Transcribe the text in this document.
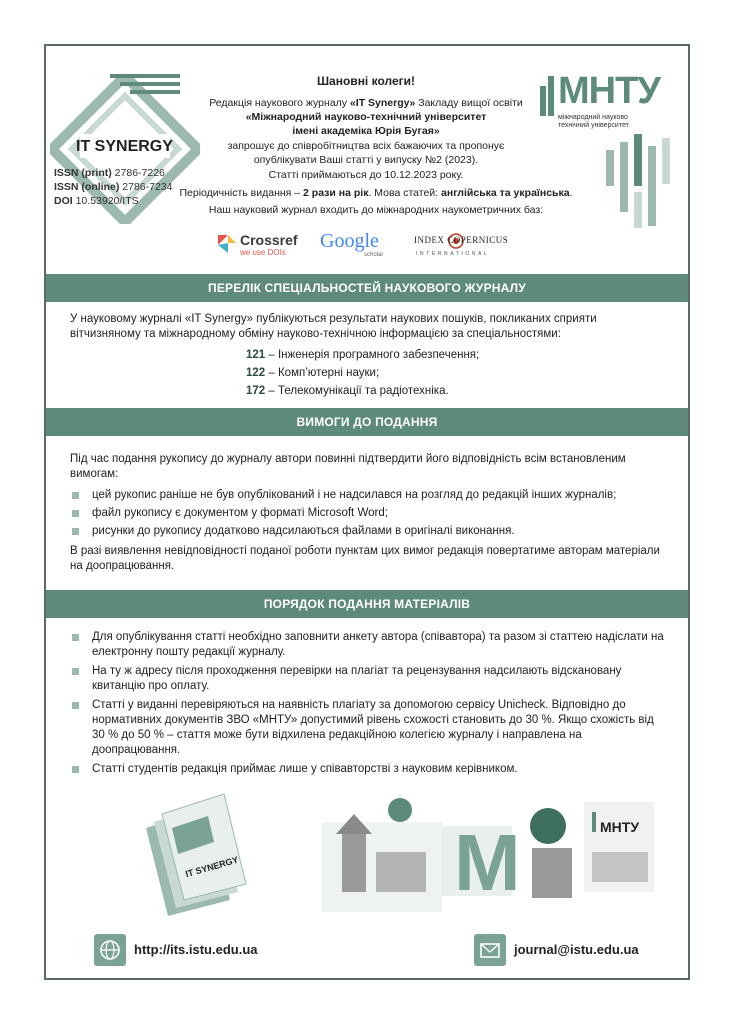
IT SYNERGY
ISSN (print) 2786-7226
ISSN (online) 2786-7234
DOI 10.53920/ITS
Шановні колеги!
Редакція наукового журналу «IT Synergy» Закладу вищої освіти
«Міжнародний науково-технічний університет
імені академіка Юрія Бугая»
запрошує до співробітництва всіх бажаючих та пропонує
опублікувати Ваші статті у випуску №2 (2023).
Статті приймаються до 10.12.2023 року.
Періодичність видання – 2 рази на рік. Мова статей: англійська та українська.
Наш науковий журнал входить до міжнародних наукометричних баз:
Crossref
we use DOIs
Google
scholar
INDEX COPERNICUS
INTERNATIONAL
МНТУ
міжнародний науково
технічний університет
ПЕРЕЛІК СПЕЦІАЛЬНОСТЕЙ НАУКОВОГО ЖУРНАЛУ
У науковому журналі «IT Synergy» публікуються результати наукових пошуків, покликаних сприяти вітчизняному та міжнародному обміну науково-технічною інформацією за спеціальностями:
121 – Інженерія програмного забезпечення;
122 – Комп’ютерні науки;
172 – Телекомунікації та радіотехніка.
ВИМОГИ ДО ПОДАННЯ
Під час подання рукопису до журналу автори повинні підтвердити його відповідність всім встановленим вимогам:
цей рукопис раніше не був опублікований і не надсилався на розгляд до редакцій інших журналів;
файл рукопису є документом у форматі Microsoft Word;
рисунки до рукопису додатково надсилаються файлами в оригіналі виконання.
В разі виявлення невідповідності поданої роботи пунктам цих вимог редакція повертатиме авторам матеріали на доопрацювання.
ПОРЯДОК ПОДАННЯ МАТЕРІАЛІВ
Для опублікування статті необхідно заповнити анкету автора (співавтора) та разом зі статтею надіслати на електронну пошту редакції журналу.
На ту ж адресу після проходження перевірки на плагіат та рецензування надсилають відскановану квитанцію про оплату.
Статті у виданні перевіряються на наявність плагіату за допомогою сервісу Unicheck. Відповідно до нормативних документів ЗВО «МНТУ» допустимий рівень схожості становить до 30 %. Якщо схожість від 30 % до 50 % – стаття може бути відхилена редакційною колегією журналу і направлена на доопрацювання.
Статті студентів редакція приймає лише у співавторстві з науковим керівником.
IT SYNERGY	M	МНТУ
http://its.istu.edu.ua	journal@istu.edu.ua
